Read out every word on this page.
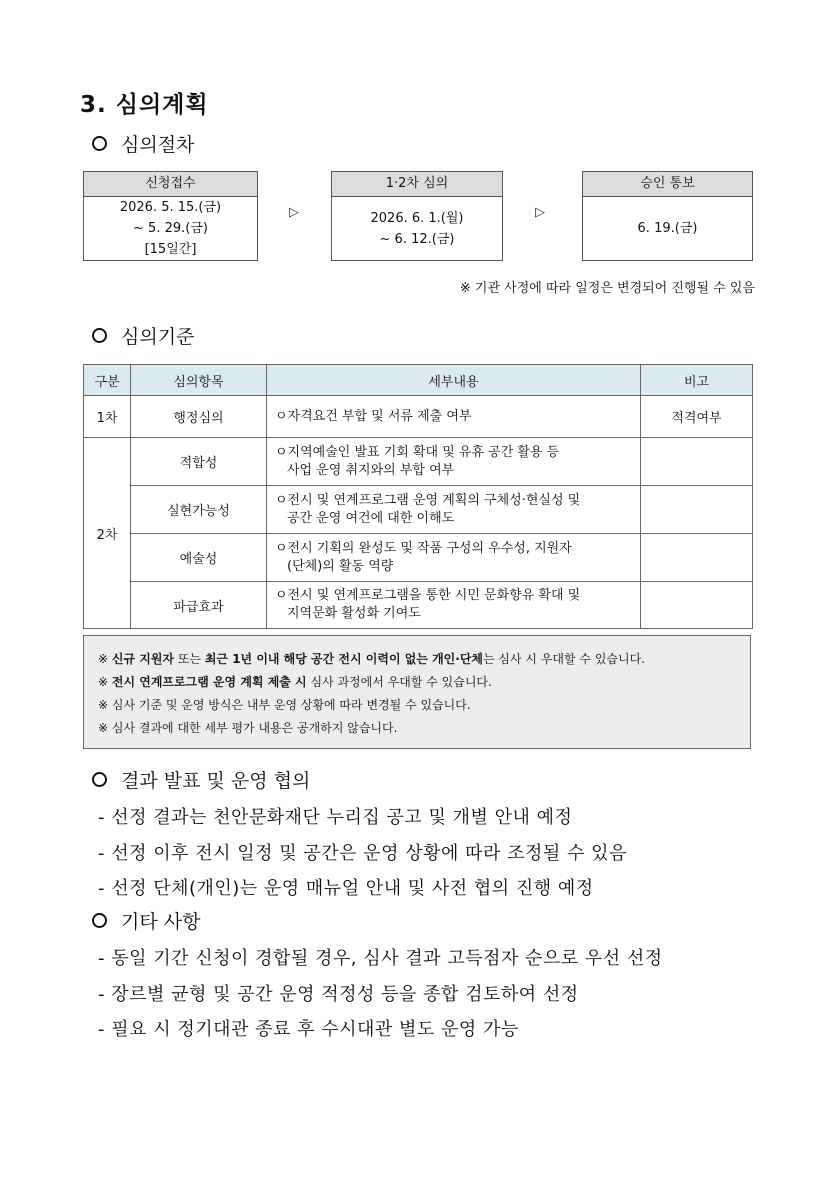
3. 심의계획
심의절차
신청접수
2026. 5. 15.(금)
~ 5. 29.(금)
[15일간]
▷
1·2차 심의
2026. 6. 1.(월)
~ 6. 12.(금)
▷
승인 통보
6. 19.(금)
※ 기관 사정에 따라 일정은 변경되어 진행될 수 있음
심의기준
구분	심의항목	세부내용	비고
1차	행정심의	ㅇ자격요건 부합 및 서류 제출 여부	적격여부
2차	적합성	ㅇ지역예술인 발표 기회 확대 및 유휴 공간 활용 등
사업 운영 취지와의 부합 여부	

	실현가능성	ㅇ전시 및 연계프로그램 운영 계획의 구체성·현실성 및
공간 운영 여건에 대한 이해도	

	예술성	ㅇ전시 기획의 완성도 및 작품 구성의 우수성, 지원자
(단체)의 활동 역량	

	파급효과	ㅇ전시 및 연계프로그램을 통한 시민 문화향유 확대 및
지역문화 활성화 기여도	

※ 신규 지원자 또는 최근 1년 이내 해당 공간 전시 이력이 없는 개인·단체는 심사 시 우대할 수 있습니다.
※ 전시 연계프로그램 운영 계획 제출 시 심사 과정에서 우대할 수 있습니다.
※ 심사 기준 및 운영 방식은 내부 운영 상황에 따라 변경될 수 있습니다.
※ 심사 결과에 대한 세부 평가 내용은 공개하지 않습니다.
결과 발표 및 운영 협의
- 선정 결과는 천안문화재단 누리집 공고 및 개별 안내 예정
- 선정 이후 전시 일정 및 공간은 운영 상황에 따라 조정될 수 있음
- 선정 단체(개인)는 운영 매뉴얼 안내 및 사전 협의 진행 예정
기타 사항
- 동일 기간 신청이 경합될 경우, 심사 결과 고득점자 순으로 우선 선정
- 장르별 균형 및 공간 운영 적정성 등을 종합 검토하여 선정
- 필요 시 정기대관 종료 후 수시대관 별도 운영 가능
